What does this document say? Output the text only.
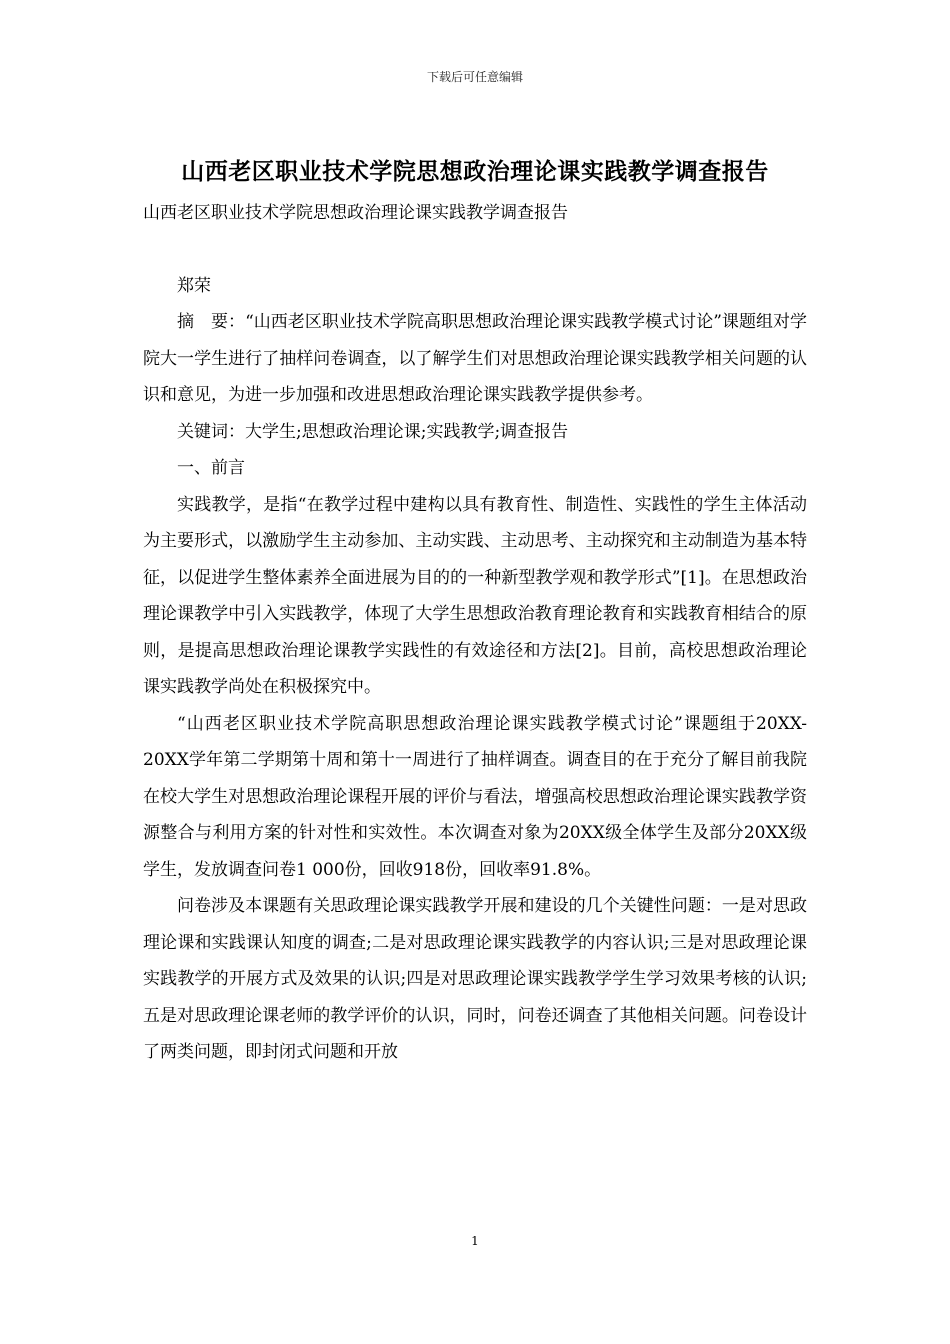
下载后可任意编辑
山西老区职业技术学院思想政治理论课实践教学调查报告

山西老区职业技术学院思想政治理论课实践教学调查报告

郑荣

摘　要：“山西老区职业技术学院高职思想政治理论课实践教学模式讨论”课题组对学院大一学生进行了抽样问卷调查，以了解学生们对思想政治理论课实践教学相关问题的认识和意见，为进一步加强和改进思想政治理论课实践教学提供参考。

关键词：大学生;思想政治理论课;实践教学;调查报告

一、前言

实践教学，是指“在教学过程中建构以具有教育性、制造性、实践性的学生主体活动为主要形式，以激励学生主动参加、主动实践、主动思考、主动探究和主动制造为基本特征，以促进学生整体素养全面进展为目的的一种新型教学观和教学形式”[1]。在思想政治理论课教学中引入实践教学，体现了大学生思想政治教育理论教育和实践教育相结合的原则，是提高思想政治理论课教学实践性的有效途径和方法[2]。目前，高校思想政治理论课实践教学尚处在积极探究中。

“山西老区职业技术学院高职思想政治理论课实践教学模式讨论”课题组于20XX-20XX学年第二学期第十周和第十一周进行了抽样调查。调查目的在于充分了解目前我院在校大学生对思想政治理论课程开展的评价与看法，增强高校思想政治理论课实践教学资源整合与利用方案的针对性和实效性。本次调查对象为20XX级全体学生及部分20XX级学生，发放调查问卷1 000份，回收918份，回收率91.8%。

问卷涉及本课题有关思政理论课实践教学开展和建设的几个关键性问题：一是对思政理论课和实践课认知度的调查;二是对思政理论课实践教学的内容认识;三是对思政理论课实践教学的开展方式及效果的认识;四是对思政理论课实践教学学生学习效果考核的认识;五是对思政理论课老师的教学评价的认识，同时，问卷还调查了其他相关问题。问卷设计了两类问题，即封闭式问题和开放

1
